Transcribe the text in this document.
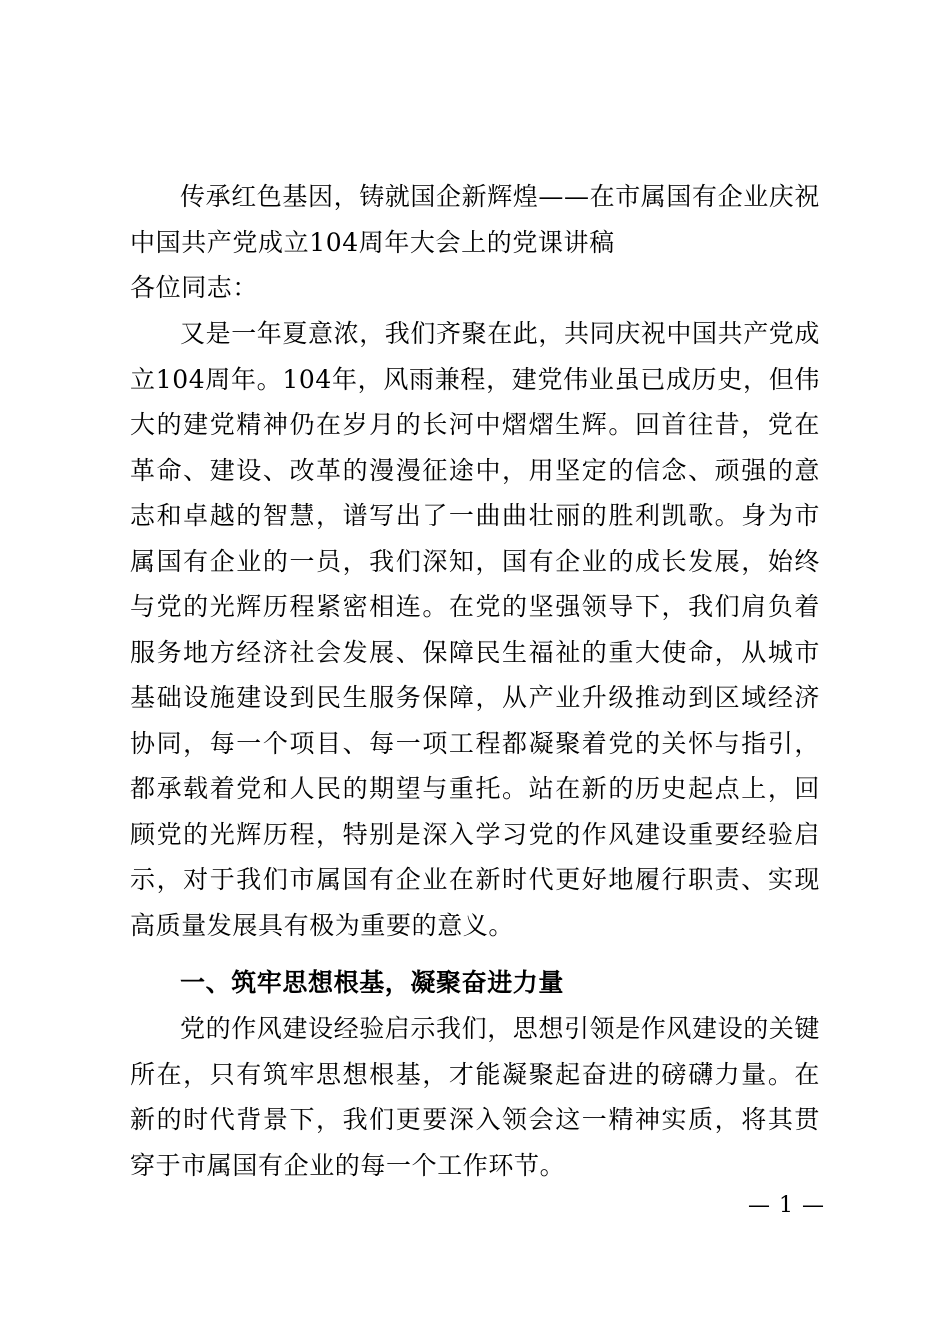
传承红色基因，铸就国企新辉煌——在市属国有企业庆祝中国共产党成立104周年大会上的党课讲稿
各位同志：
又是一年夏意浓，我们齐聚在此，共同庆祝中国共产党成立104周年。104年，风雨兼程，建党伟业虽已成历史，但伟大的建党精神仍在岁月的长河中熠熠生辉。回首往昔，党在革命、建设、改革的漫漫征途中，用坚定的信念、顽强的意志和卓越的智慧，谱写出了一曲曲壮丽的胜利凯歌。身为市属国有企业的一员，我们深知，国有企业的成长发展，始终与党的光辉历程紧密相连。在党的坚强领导下，我们肩负着服务地方经济社会发展、保障民生福祉的重大使命，从城市基础设施建设到民生服务保障，从产业升级推动到区域经济协同，每一个项目、每一项工程都凝聚着党的关怀与指引，都承载着党和人民的期望与重托。站在新的历史起点上，回顾党的光辉历程，特别是深入学习党的作风建设重要经验启示，对于我们市属国有企业在新时代更好地履行职责、实现高质量发展具有极为重要的意义。
一、筑牢思想根基，凝聚奋进力量
党的作风建设经验启示我们，思想引领是作风建设的关键所在，只有筑牢思想根基，才能凝聚起奋进的磅礴力量。在新的时代背景下，我们更要深入领会这一精神实质，将其贯穿于市属国有企业的每一个工作环节。
— 1 —
